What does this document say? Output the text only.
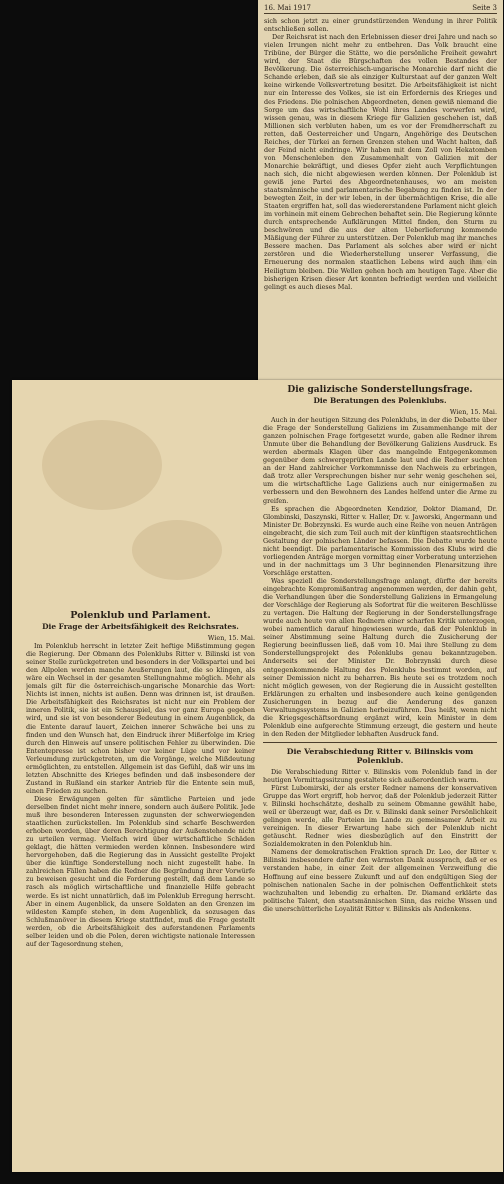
16. Mai 1917	Seite 3

sich schon jetzt zu einer grundstürzenden Wendung in ihrer Politik entschließen sollen.

Der Reichsrat ist nach den Erlebnissen dieser drei Jahre und nach so vielen Irrungen nicht mehr zu entbehren. Das Volk braucht eine Tribüne, der Bürger die Stätte, wo die persönliche Freiheit gewahrt wird, der Staat die Bürgschaften des vollen Bestandes der Bevölkerung. Die österreichisch-ungarische Monarchie darf nicht die Schande erleben, daß sie als einziger Kulturstaat auf der ganzen Welt keine wirkende Volksvertretung besitzt. Die Arbeitsfähigkeit ist nicht nur ein Interesse des Volkes, sie ist ein Erfordernis des Krieges und des Friedens. Die polnischen Abgeordneten, denen gewiß niemand die Sorge um das wirtschaftliche Wohl ihres Landes vorwerfen wird, wissen genau, was in diesem Kriege für Galizien geschehen ist, daß Millionen sich verbluten haben, um es vor der Fremdherrschaft zu retten, daß Oesterreicher und Ungarn, Angehörige des Deutschen Reiches, der Türkei an fernen Grenzen stehen und Wacht halten, daß der Feind nicht eindringe. Wir haben mit dem Zoll von Hekatomben von Menschenleben den Zusammenhalt von Galizien mit der Monarchie bekräftigt, und dieses Opfer zieht auch Verpflichtungen nach sich, die nicht abgewiesen werden können. Der Polenklub ist gewiß jene Partei des Abgeordnetenhauses, wo am meisten staatsmännische und parlamentarische Begabung zu finden ist. In der bewegten Zeit, in der wir leben, in der übermächtigen Krise, die alle Staaten ergriffen hat, soll das wiedererstandene Parlament nicht gleich im vorhinein mit einem Gebrechen behaftet sein. Die Regierung könnte durch entsprechende Aufklärungen Mittel finden, den Sturm zu beschwören und die aus der alten Ueberlieferung kommende Mäßigung der Führer zu unterstützen. Der Polenklub mag ihr manches Bessere machen. Das Parlament als solches aber wird er nicht zerstören und die Wiederherstellung unserer Verfassung, die Erneuerung des normalen staatlichen Lebens wird auch ihm ein Heiligtum bleiben. Die Wellen gehen hoch am heutigen Tage. Aber die bisherigen Krisen dieser Art konnten befriedigt werden und vielleicht gelingt es auch dieses Mal.

Die galizische Sonderstellungsfrage.
Die Beratungen des Polenklubs.

Wien, 15. Mai.

Auch in der heutigen Sitzung des Polenklubs, in der die Debatte über die Frage der Sonderstellung Galiziens im Zusammenhange mit der ganzen polnischen Frage fortgesetzt wurde, gaben alle Redner ihrem Unmute über die Behandlung der Bevölkerung Galiziens Ausdruck. Es werden abermals Klagen über das mangelnde Entgegenkommen gegenüber dem schwergeprüften Lande laut und die Redner suchten an der Hand zahlreicher Vorkommnisse den Nachweis zu erbringen, daß trotz aller Versprechungen bisher nur sehr wenig geschehen sei, um die wirtschaftliche Lage Galiziens auch nur einigermaßen zu verbessern und den Bewohnern des Landes helfend unter die Arme zu greifen.

Es sprachen die Abgeordneten Kendzior, Doktor Diamand, Dr. Glombinski, Daszynski, Ritter v. Haller, Dr. v. Jaworski, Angermann und Minister Dr. Bobrzynski. Es wurde auch eine Reihe von neuen Anträgen eingebracht, die sich zum Teil auch mit der künftigen staatsrechtlichen Gestaltung der polnischen Länder befassen. Die Debatte wurde heute nicht beendigt. Die parlamentarische Kommission des Klubs wird die vorliegenden Anträge morgen vormittag einer Vorberatung unterziehen und in der nachmittags um 3 Uhr beginnenden Plenarsitzung ihre Vorschläge erstatten.

Was speziell die Sonderstellungsfrage anlangt, dürfte der bereits eingebrachte Kompromißantrag angenommen werden, der dahin geht, die Verhandlungen über die Sonderstellung Galiziens in Ermangelung der Vorschläge der Regierung als Sofortrat für die weiteren Beschlüsse zu vertagen. Die Haltung der Regierung in der Sonderstellungsfrage wurde auch heute von allen Rednern einer scharfen Kritik unterzogen, wobei namentlich darauf hingewiesen wurde, daß der Polenklub in seiner Abstimmung seine Haltung durch die Zusicherung der Regierung beeinflussen ließ, daß vom 10. Mai ihre Stellung zu dem Sonderstellungsprojekt des Polenklubs genau bekanntzugeben. Anderseits sei der Minister Dr. Bobrzynski durch diese entgegenkommende Haltung des Polenklubs bestimmt worden, auf seiner Demission nicht zu beharren. Bis heute sei es trotzdem noch nicht möglich gewesen, von der Regierung die in Aussicht gestellten Erklärungen zu erhalten und insbesondere auch keine genügenden Zusicherungen in bezug auf die Aenderung des ganzen Verwaltungssystems in Galizien herbeizuführen. Das heißt, wenn nicht die Kriegsgeschäftsordnung ergänzt wird, kein Minister in dem Polenklub eine aufgerechte Stimmung erzeugt, die gestern und heute in den Reden der Mitglieder lebhaften Ausdruck fand.

Die Verabschiedung Ritter v. Bilinskis vom Polenklub.

Die Verabschiedung Ritter v. Bilinskis vom Polenklub fand in der heutigen Vormittagssitzung gestaltete sich außerordentlich warm.

Fürst Lubomirski, der als erster Redner namens der konservativen Gruppe das Wort ergriff, hob hervor, daß der Polenklub jederzeit Ritter v. Bilinski hochschätzte, deshalb zu seinem Obmanne gewählt habe, weil er überzeugt war, daß es Dr. v. Bilinski dank seiner Persönlichkeit gelingen werde, alle Parteien im Lande zu gemeinsamer Arbeit zu vereinigen. In dieser Erwartung habe sich der Polenklub nicht getäuscht. Redner wies diesbezüglich auf den Einstritt der Sozialdemokraten in den Polenklub hin.

Namens der demokratischen Fraktion sprach Dr. Leo, der Ritter v. Bilinski insbesondere dafür den wärmsten Dank aussprach, daß er es verstanden habe, in einer Zeit der allgemeinen Verzweiflung die Hoffnung auf eine bessere Zukunft und auf den endgültigen Sieg der polnischen nationalen Sache in der polnischen Oeffentlichkeit stets wachzuhalten und lebendig zu erhalten. Dr. Diamand erklärte das politische Talent, den staatsmännischen Sinn, das reiche Wissen und die unerschütterliche Loyalität Ritter v. Bilinskis als Andenkens.

Polenklub und Parlament.
Die Frage der Arbeitsfähigkeit des Reichsrates.

Wien, 15. Mai.

Im Polenklub herrscht in letzter Zeit heftige Mißstimmung gegen die Regierung. Der Obmann des Polenklubs Ritter v. Bilinski ist von seiner Stelle zurückgetreten und besonders in der Volkspartei und bei den Allpolen werden manche Aeußerungen laut, die so klingen, als wäre ein Wechsel in der gesamten Stellungnahme möglich. Mehr als jemals gilt für die österreichisch-ungarische Monarchie das Wort: Nichts ist innen, nichts ist außen. Denn was drinnen ist, ist draußen. Die Arbeitsfähigkeit des Reichsrates ist nicht nur ein Problem der inneren Politik, sie ist ein Schauspiel, das vor ganz Europa gegeben wird, und sie ist von besonderer Bedeutung in einem Augenblick, da die Entente darauf lauert, Zeichen innerer Schwäche bei uns zu finden und den Wunsch hat, den Eindruck ihrer Mißerfolge im Krieg durch den Hinweis auf unsere politischen Fehler zu überwinden. Die Ententepresse ist schon bisher vor keiner Lüge und vor keiner Verleumdung zurückgetreten, um die Vorgänge, welche Mißdeutung ermöglichten, zu entstellen. Allgemein ist das Gefühl, daß wir uns im letzten Abschnitte des Krieges befinden und daß insbesondere der Zustand in Rußland ein starker Antrieb für die Entente sein muß, einen Frieden zu suchen.

Diese Erwägungen gelten für sämtliche Parteien und jede derselben findet nicht mehr innere, sondern auch äußere Politik. Jede muß ihre besonderen Interessen zugunsten der schwerwiegenden staatlichen zurückstellen. Im Polenklub sind scharfe Beschwerden erhoben worden, über deren Berechtigung der Außenstehende nicht zu urteilen vermag. Vielfach wird über wirtschaftliche Schäden geklagt, die hätten vermieden werden können. Insbesondere wird hervorgehoben, daß die Regierung das in Aussicht gestellte Projekt über die künftige Sonderstellung noch nicht zugestellt habe. In zahlreichen Fällen haben die Redner die Begründung ihrer Vorwürfe zu beweisen gesucht und die Forderung gestellt, daß dem Lande so rasch als möglich wirtschaftliche und finanzielle Hilfe gebracht werde. Es ist nicht unnatürlich, daß im Polenklub Erregung herrscht. Aber in einem Augenblick, da unsere Soldaten an den Grenzen im wildesten Kampfe stehen, in dem Augenblick, da sozusagen das Schlußmanöver in diesem Kriege stattfindet, muß die Frage gestellt werden, ob die Arbeitsfähigkeit des auferstandenen Parlaments selber leiden und ob die Polen, deren wichtigste nationale Interessen auf der Tagesordnung stehen,
